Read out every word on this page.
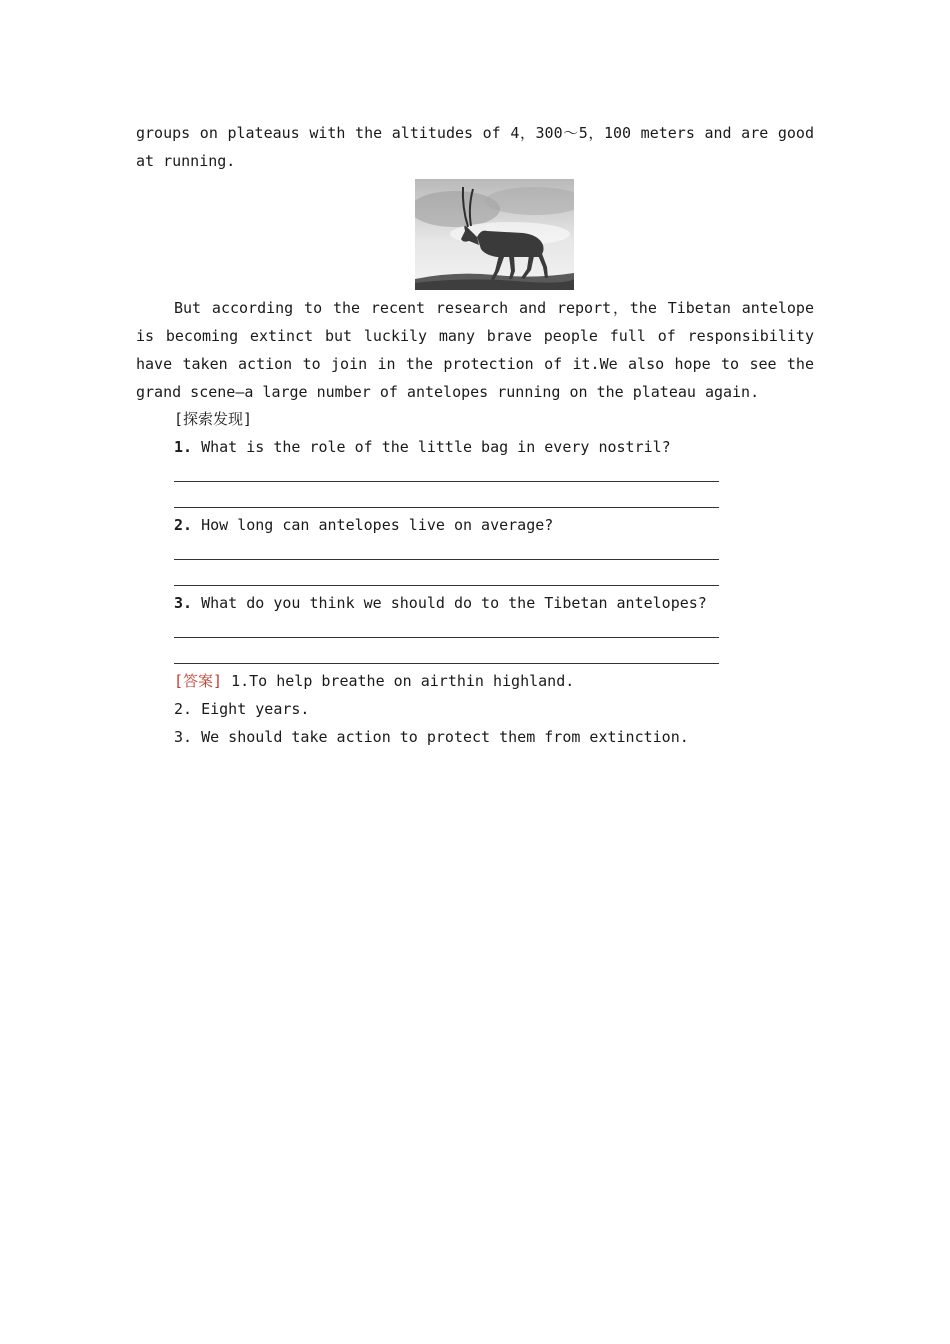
groups on plateaus with the altitudes of 4，300～5，100 meters and are good at running.

But according to the recent research and report，the Tibetan antelope is becoming extinct but luckily many brave people full of responsibility have taken action to join in the protection of it.We also hope to see the grand scene—a large number of antelopes running on the plateau again.

[探索发现]

1. What is the role of the little bag in every nostril?

2. How long can antelopes live on average?

3. What do you think we should do to the Tibetan antelopes?

[答案] 1.To help breathe on airthin highland.

2. Eight years.

3. We should take action to protect them from extinction.
